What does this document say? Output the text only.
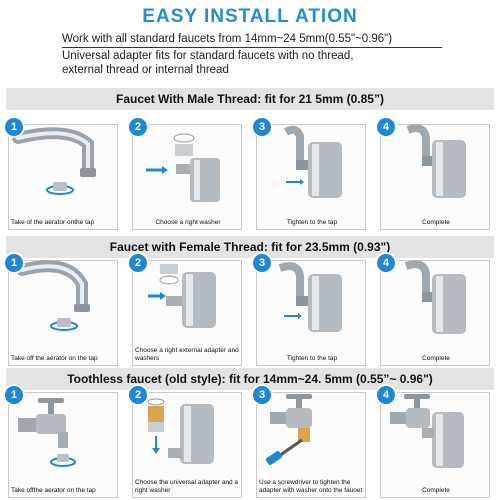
EASY INSTALL ATION
Work with all standard faucets from 14mm~24 5mm(0.55"~0.96")
Universal adapter fits for standard faucets with no thread,
external thread or internal thread
Faucet With Male Thread: fit for 21 5mm (0.85”)
1
Take of the aerator onthe tap
2
Choose a right washer
3
Tighten to the tap
4
Complete
Faucet with Female Thread: fit for 23.5mm (0.93")
1
Take off the aerator on the tap
2
Choose a right external adapter and washers
3
Tighten to the tap
4
Complete
Toothless faucet (old style): fit for 14mm~24. 5mm (0.55”~ 0.96")
1
Take offthe aerator on the tap
2
Choose the universal adapter and a right washer
3
Use a screwdriver to tighten the adapter with washer onto the fauoet
4
Complete
